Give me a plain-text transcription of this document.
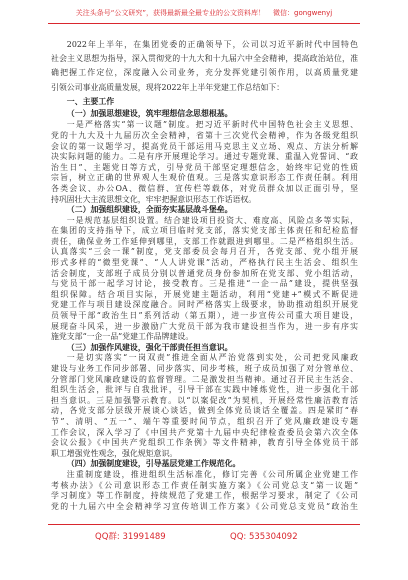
关注头条号“公文研究”，获得最新最全最专业的公文资料库！ 微信：gongwenyj
2022年上半年，在集团党委的正确领导下，公司以习近平新时代中国特色
社会主义思想为指导，深入贯彻党的十九大和十九届六中全会精神，提高政治站位，准
确把握工作定位，深度融入公司业务，充分发挥党建引领作用，以高质量党建
引领公司事业高质量发展，现将2022年上半年党建工作总结如下：
一、主要工作
（一）加强思想建设，筑牢理想信念思想根基。
一是严格落实“第一议题”制度。把习近平新时代中国特色社会主义思想、
党的十九大及十九届历次全会精神，省第十三次党代会精神，作为各级党组织
会议的第一议题学习，提高党员干部运用马克思主义立场、观点、方法分析解
决实际问题的能力。二是有序开展理论学习。通过专题党课、重温入党誓词、“政
治生日”、主题党日等方式，引导党员干部坚定理想信念，始终牢记党的性质
宗旨，树立正确的世界观人生观价值观。三是落实意识形态工作责任制。利用
各类会议、办公OA、微信群、宣传栏等载体，对党员群众加以正面引导，坚
持巩固壮大主流思想文化，牢牢把握意识形态工作话语权。
（二）加强组织建设，全面夯实基层战斗堡垒。
一是规范基层组织设置。结合建设项目投资大、难度高、风险点多等实际，
在集团的支持指导下，成立项目临时党支部，落实党支部主体责任和纪检监督
责任，确保业务工作延伸到哪里，支部工作就跟进到哪里。二是严格组织生活。
认真落实“三会一课”制度，党支部委员会每月召开，各党支部、党小组开展
形式多样的“微型党课”、“人人讲党课”活动，严格执行民主生活会、组织生
活会制度，支部班子成员分别以普通党员身份参加所在党支部、党小组活动，
与党员干部一起学习讨论，接受教育。三是推进“一企一品”建设，提供坚强
组织保障。结合项目实际，开展党建主题活动，利用“党建+”模式不断促进
党建工作与项目建设深度融合。同时严格落实上级要求，协助推动组织开展党
员领导干部“政治生日”系列活动（第五期），进一步宣传公司重大项目建设，
展现奋斗风采，进一步激励广大党员干部为我市建设担当作为，进一步有序实
施党支部“一企一品”党建工作品牌建设。
（三）加强作风建设，强化干部责任担当意识。
一是切实落实“一岗双责”推进全面从严治党落到实处，公司把党风廉政
建设与业务工作同步部署、同步落实、同步考核，班子成员加强了对分管单位、
分管部门党风廉政建设的监督管理。二是激发担当精神。通过召开民主生活会、
组织生活会，批评与自我批评，引导干部在实践中锤炼党性，进一步强化干部
担当意识。三是加强警示教育。以“以案促改”为契机，开展经常性廉洁教育活
动，各党支部分层级开展谈心谈话，做到全体党员谈话全覆盖。四是紧盯“春
节”、清明、“五一”、端午等重要时间节点，组织召开了党风廉政建设专题
工作会议，深入学习了《中国共产党第十九届中央纪律检查委员会第六次全体
会议公报》《中国共产党组织工作条例》等文件精神，教育引导全体党员干部
职工增强党性观念，强化规矩意识。
（四）加强制度建设，引导基层党建工作规范化。
注重制度建设，推进组织生活标准化，修订完善《公司所属企业党建工作
考核办法》《公司意识形态工作责任制实施方案》《公司党总支“第一议题”
学习制度》等工作制度，持续规范了党建工作，根据学习要求，制定了《公司
党的十九届六中全会精神学习宣传培训工作方案》《公司党总支党员“政治生
QQ群: 31991489	QQ: 535304092
